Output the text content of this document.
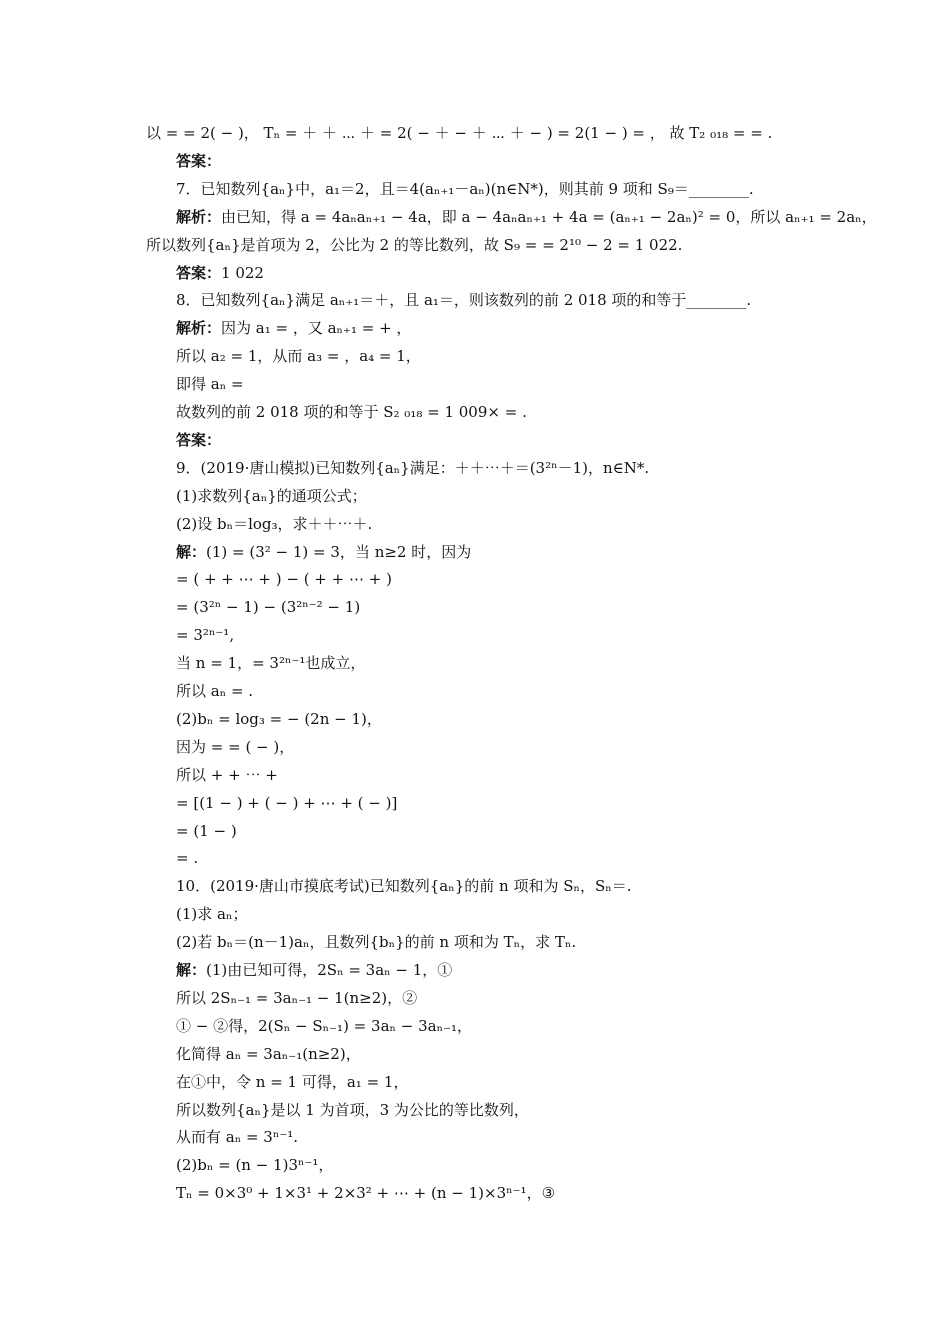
以 = = 2( − )， Tₙ = ＋ ＋ ⋯ ＋ = 2( − ＋ − ＋ ⋯ ＋ − ) = 2(1 − ) = ， 故 T₂ ₀₁₈ = = .
答案：
7．已知数列{aₙ}中，a₁＝2，且＝4(aₙ₊₁－aₙ)(n∈N*)，则其前 9 项和 S₉＝________.
解析：由已知，得 a = 4aₙaₙ₊₁ − 4a，即 a − 4aₙaₙ₊₁ + 4a = (aₙ₊₁ − 2aₙ)² = 0，所以 aₙ₊₁ = 2aₙ，
所以数列{aₙ}是首项为 2，公比为 2 的等比数列，故 S₉ = = 2¹⁰ − 2 = 1 022.
答案：1 022
8．已知数列{aₙ}满足 aₙ₊₁＝＋，且 a₁＝，则该数列的前 2 018 项的和等于________.
解析：因为 a₁ = ，又 aₙ₊₁ = + ，
所以 a₂ = 1，从而 a₃ = ，a₄ = 1，
即得 aₙ =
故数列的前 2 018 项的和等于 S₂ ₀₁₈ = 1 009× = .
答案：
9．(2019·唐山模拟)已知数列{aₙ}满足：＋＋⋯＋＝(3²ⁿ－1)，n∈N*.
(1)求数列{aₙ}的通项公式；
(2)设 bₙ＝log₃，求＋＋⋯＋.
解：(1) = (3² − 1) = 3，当 n≥2 时，因为
= ( + + ⋯ + ) − ( + + ⋯ + )
= (3²ⁿ − 1) − (3²ⁿ⁻² − 1)
= 3²ⁿ⁻¹,
当 n = 1，= 3²ⁿ⁻¹也成立，
所以 aₙ = .
(2)bₙ = log₃ = − (2n − 1)，
因为 = = ( − )，
所以 + + ⋯ +
= [(1 − ) + ( − ) + ⋯ + ( − )]
= (1 − )
= .
10．(2019·唐山市摸底考试)已知数列{aₙ}的前 n 项和为 Sₙ，Sₙ＝.
(1)求 aₙ；
(2)若 bₙ＝(n－1)aₙ，且数列{bₙ}的前 n 项和为 Tₙ，求 Tₙ.
解：(1)由已知可得，2Sₙ = 3aₙ − 1，①
所以 2Sₙ₋₁ = 3aₙ₋₁ − 1(n≥2)，②
① − ②得，2(Sₙ − Sₙ₋₁) = 3aₙ − 3aₙ₋₁，
化简得 aₙ = 3aₙ₋₁(n≥2)，
在①中，令 n = 1 可得，a₁ = 1，
所以数列{aₙ}是以 1 为首项，3 为公比的等比数列，
从而有 aₙ = 3ⁿ⁻¹.
(2)bₙ = (n − 1)3ⁿ⁻¹，
Tₙ = 0×3⁰ + 1×3¹ + 2×3² + ⋯ + (n − 1)×3ⁿ⁻¹，③
